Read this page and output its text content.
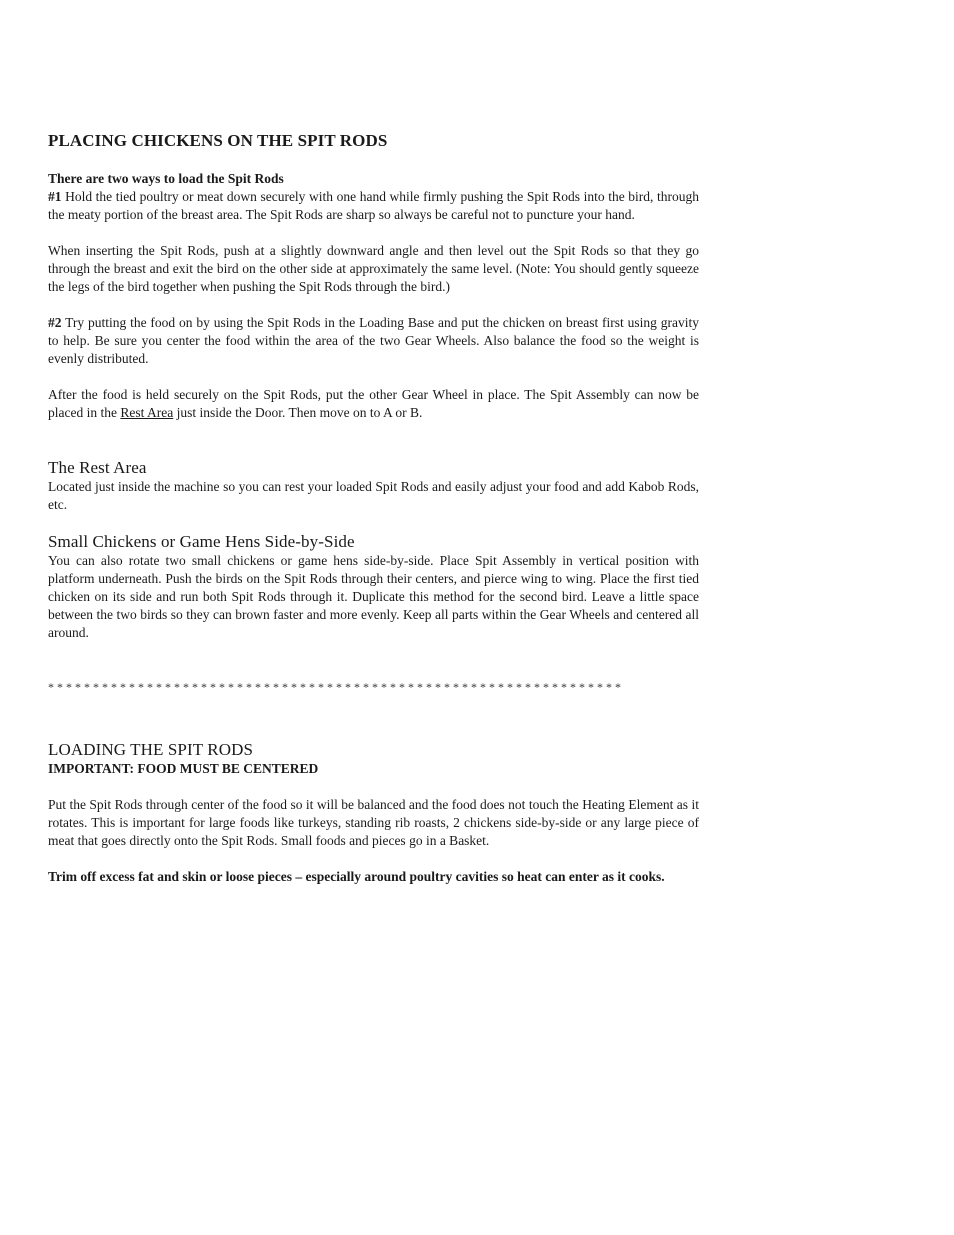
PLACING CHICKENS ON THE SPIT RODS

There are two ways to load the Spit Rods

#1 Hold the tied poultry or meat down securely with one hand while firmly pushing the Spit Rods into the bird, through the meaty portion of the breast area. The Spit Rods are sharp so always be careful not to puncture your hand.

When inserting the Spit Rods, push at a slightly downward angle and then level out the Spit Rods so that they go through the breast and exit the bird on the other side at approximately the same level. (Note: You should gently squeeze the legs of the bird together when pushing the Spit Rods through the bird.)

#2 Try putting the food on by using the Spit Rods in the Loading Base and put the chicken on breast first using gravity to help. Be sure you center the food within the area of the two Gear Wheels. Also balance the food so the weight is evenly distributed.

After the food is held securely on the Spit Rods, put the other Gear Wheel in place. The Spit Assembly can now be placed in the Rest Area just inside the Door. Then move on to A or B.

The Rest Area

Located just inside the machine so you can rest your loaded Spit Rods and easily adjust your food and add Kabob Rods, etc.

Small Chickens or Game Hens Side-by-Side

You can also rotate two small chickens or game hens side-by-side. Place Spit Assembly in vertical position with platform underneath. Push the birds on the Spit Rods through their centers, and pierce wing to wing. Place the first tied chicken on its side and run both Spit Rods through it. Duplicate this method for the second bird. Leave a little space between the two birds so they can brown faster and more evenly. Keep all parts within the Gear Wheels and centered all around.

* * * * * * * * * * * * * * * * * * * * * * * * * * * * * * * * * * * * * * * * * * * * * * * * * * * * * * * * * * * * * * * *
LOADING THE SPIT RODS

IMPORTANT: FOOD MUST BE CENTERED

Put the Spit Rods through center of the food so it will be balanced and the food does not touch the Heating Element as it rotates. This is important for large foods like turkeys, standing rib roasts, 2 chickens side-by-side or any large piece of meat that goes directly onto the Spit Rods. Small foods and pieces go in a Basket.

Trim off excess fat and skin or loose pieces – especially around poultry cavities so heat can enter as it cooks.
